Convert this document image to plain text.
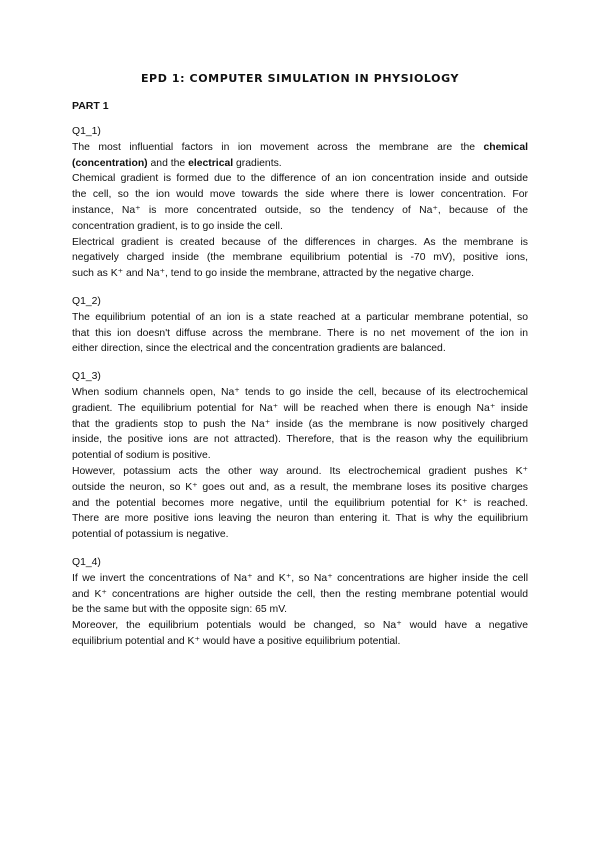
EPD 1: COMPUTER SIMULATION IN PHYSIOLOGY
PART 1
Q1_1)
The most influential factors in ion movement across the membrane are the chemical
(concentration) and the electrical gradients.
Chemical gradient is formed due to the difference of an ion concentration inside and outside
the cell, so the ion would move towards the side where there is lower concentration. For
instance, Na⁺ is more concentrated outside, so the tendency of Na⁺, because of the
concentration gradient, is to go inside the cell.
Electrical gradient is created because of the differences in charges. As the membrane is
negatively charged inside (the membrane equilibrium potential is -70 mV), positive ions,
such as K⁺ and Na⁺, tend to go inside the membrane, attracted by the negative charge.
Q1_2)
The equilibrium potential of an ion is a state reached at a particular membrane potential, so
that this ion doesn't diffuse across the membrane. There is no net movement of the ion in
either direction, since the electrical and the concentration gradients are balanced.
Q1_3)
When sodium channels open, Na⁺ tends to go inside the cell, because of its electrochemical
gradient. The equilibrium potential for Na⁺ will be reached when there is enough Na⁺ inside
that the gradients stop to push the Na⁺ inside (as the membrane is now positively charged
inside, the positive ions are not attracted). Therefore, that is the reason why the equilibrium
potential of sodium is positive.
However, potassium acts the other way around. Its electrochemical gradient pushes K⁺
outside the neuron, so K⁺ goes out and, as a result, the membrane loses its positive charges
and the potential becomes more negative, until the equilibrium potential for K⁺ is reached.
There are more positive ions leaving the neuron than entering it. That is why the equilibrium
potential of potassium is negative.
Q1_4)
If we invert the concentrations of Na⁺ and K⁺, so Na⁺ concentrations are higher inside the cell
and K⁺ concentrations are higher outside the cell, then the resting membrane potential would
be the same but with the opposite sign: 65 mV.
Moreover, the equilibrium potentials would be changed, so Na⁺ would have a negative
equilibrium potential and K⁺ would have a positive equilibrium potential.
